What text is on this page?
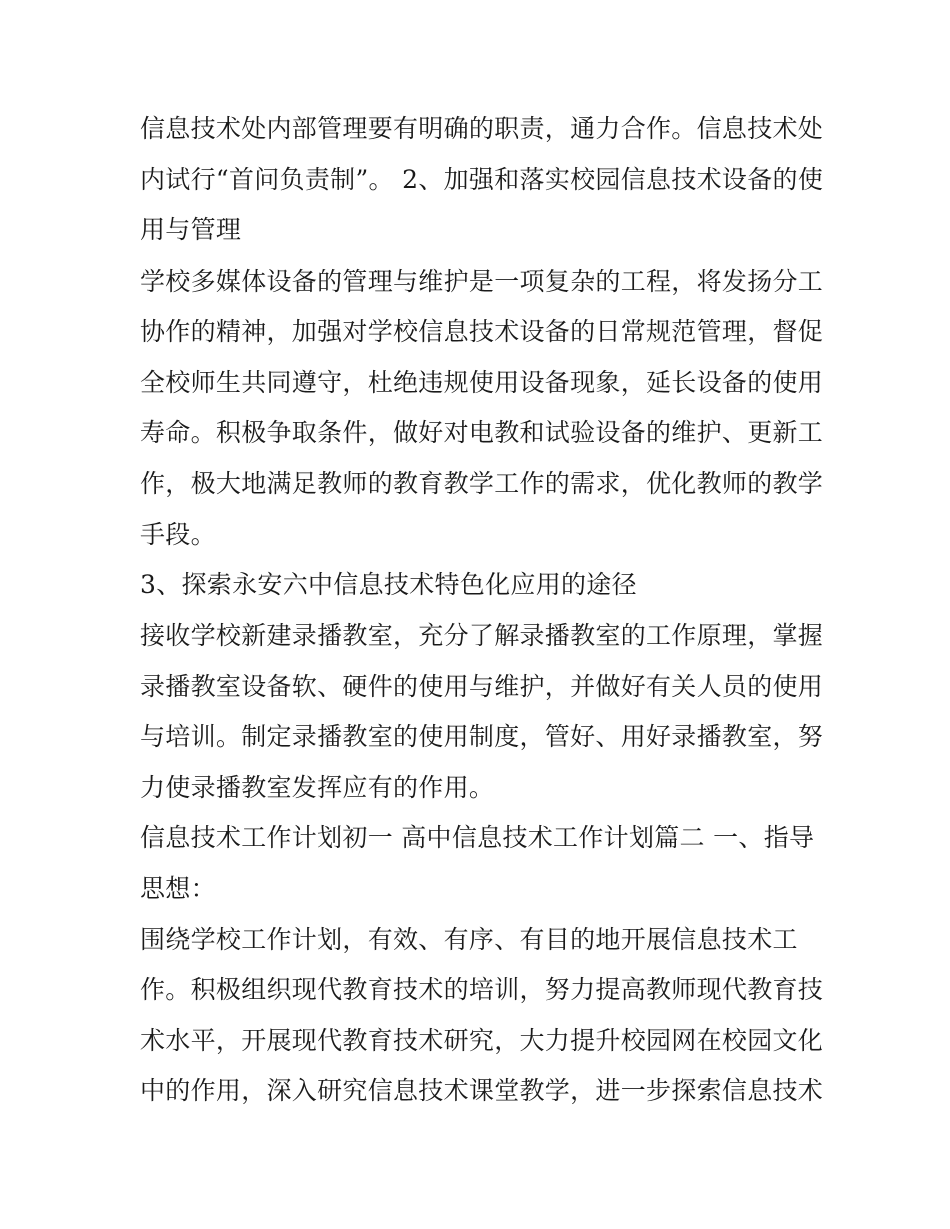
信息技术处内部管理要有明确的职责，通力合作。信息技术处
内试行“首问负责制”。 2、加强和落实校园信息技术设备的使
用与管理
学校多媒体设备的管理与维护是一项复杂的工程，将发扬分工
协作的精神，加强对学校信息技术设备的日常规范管理，督促
全校师生共同遵守，杜绝违规使用设备现象，延长设备的使用
寿命。积极争取条件，做好对电教和试验设备的维护、更新工
作，极大地满足教师的教育教学工作的需求，优化教师的教学
手段。
3、探索永安六中信息技术特色化应用的途径
接收学校新建录播教室，充分了解录播教室的工作原理，掌握
录播教室设备软、硬件的使用与维护，并做好有关人员的使用
与培训。制定录播教室的使用制度，管好、用好录播教室，努
力使录播教室发挥应有的作用。
信息技术工作计划初一 高中信息技术工作计划篇二 一、指导
思想：
围绕学校工作计划，有效、有序、有目的地开展信息技术工
作。积极组织现代教育技术的培训，努力提高教师现代教育技
术水平，开展现代教育技术研究，大力提升校园网在校园文化
中的作用，深入研究信息技术课堂教学，进一步探索信息技术
